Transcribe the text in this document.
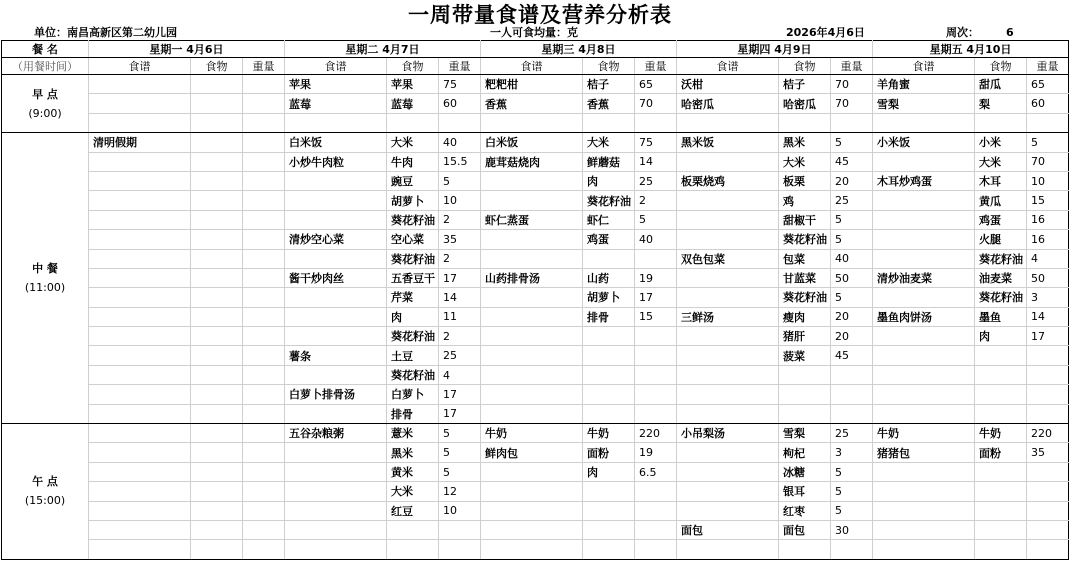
一周带量食谱及营养分析表
单位：南昌高新区第二幼儿园	一人可食均量：克	2026年4月6日	周次： 6
餐 名	星期一 4月6日			星期二 4月7日			星期三 4月8日			星期四 4月9日			星期五 4月10日		
（用餐时间）	食谱	食物	重量	食谱	食物	重量	食谱	食物	重量	食谱	食物	重量	食谱	食物	重量

早 点
(9:00)				苹果	苹果	75	粑粑柑	桔子	65	沃柑	桔子	70	羊角蜜	甜瓜	65
				蓝莓	蓝莓	60	香蕉	香蕉	70	哈密瓜	哈密瓜	70	雪梨	梨	60

中 餐
(11:00)	清明假期			白米饭	大米	40	白米饭	大米	75	黑米饭	黑米	5	小米饭	小米	5
				小炒牛肉粒	牛肉	15.5	鹿茸菇烧肉	鲜蘑菇	14		大米	45		大米	70
					豌豆	5		肉	25	板栗烧鸡	板栗	20	木耳炒鸡蛋	木耳	10
					胡萝卜	10		葵花籽油	2		鸡	25		黄瓜	15
					葵花籽油	2	虾仁蒸蛋	虾仁	5		甜椒干	5		鸡蛋	16
				清炒空心菜	空心菜	35		鸡蛋	40		葵花籽油	5		火腿	16
					葵花籽油	2				双色包菜	包菜	40		葵花籽油	4
				酱干炒肉丝	五香豆干	17	山药排骨汤	山药	19		甘蓝菜	50	清炒油麦菜	油麦菜	50
					芹菜	14		胡萝卜	17		葵花籽油	5		葵花籽油	3
					肉	11		排骨	15	三鲜汤	瘦肉	20	墨鱼肉饼汤	墨鱼	14
					葵花籽油	2					猪肝	20		肉	17
				薯条	土豆	25					菠菜	45			
					葵花籽油	4									
				白萝卜排骨汤	白萝卜	17									
					排骨	17									

午 点
(15:00)				五谷杂粮粥	薏米	5	牛奶	牛奶	220	小吊梨汤	雪梨	25	牛奶	牛奶	220
					黑米	5	鲜肉包	面粉	19		枸杞	3	猪猪包	面粉	35
					黄米	5		肉	6.5		冰糖	5			
					大米	12					银耳	5			
					红豆	10					红枣	5			
										面包	面包	30			
